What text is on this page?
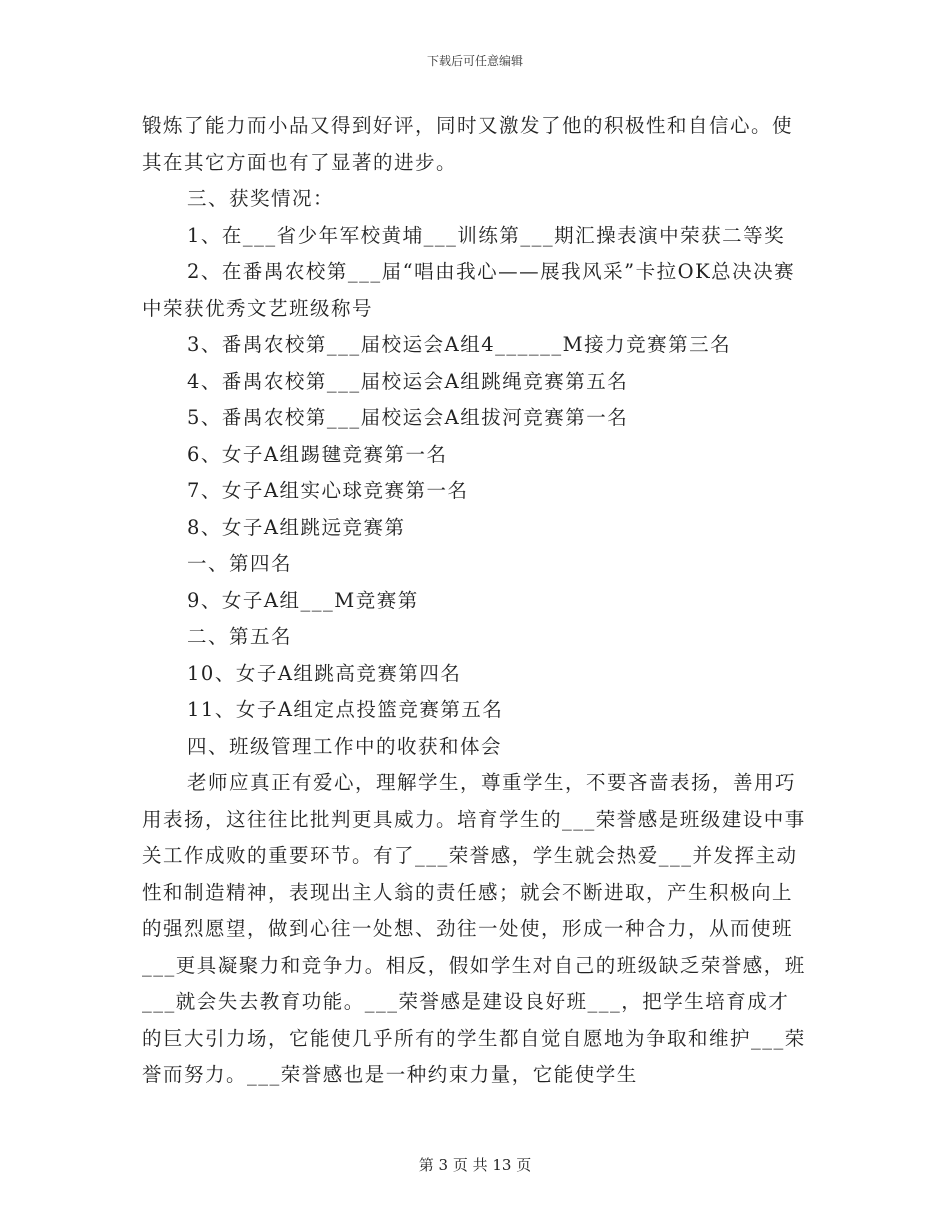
下载后可任意编辑

锻炼了能力而小品又得到好评，同时又激发了他的积极性和自信心。使其在其它方面也有了显著的进步。

三、获奖情况：

1、在___省少年军校黄埔___训练第___期汇操表演中荣获二等奖

2、在番禺农校第___届“唱由我心——展我风采”卡拉OK总决决赛中荣获优秀文艺班级称号

3、番禺农校第___届校运会A组4______M接力竞赛第三名

4、番禺农校第___届校运会A组跳绳竞赛第五名

5、番禺农校第___届校运会A组拔河竞赛第一名

6、女子A组踢毽竞赛第一名

7、女子A组实心球竞赛第一名

8、女子A组跳远竞赛第

一、第四名

9、女子A组___M竞赛第

二、第五名

10、女子A组跳高竞赛第四名

11、女子A组定点投篮竞赛第五名

四、班级管理工作中的收获和体会

老师应真正有爱心，理解学生，尊重学生，不要吝啬表扬，善用巧用表扬，这往往比批判更具威力。培育学生的___荣誉感是班级建设中事关工作成败的重要环节。有了___荣誉感，学生就会热爱___并发挥主动性和制造精神，表现出主人翁的责任感；就会不断进取，产生积极向上的强烈愿望，做到心往一处想、劲往一处使，形成一种合力，从而使班___更具凝聚力和竞争力。相反，假如学生对自己的班级缺乏荣誉感，班___就会失去教育功能。___荣誉感是建设良好班___，把学生培育成才的巨大引力场，它能使几乎所有的学生都自觉自愿地为争取和维护___荣誉而努力。___荣誉感也是一种约束力量，它能使学生

第 3 页 共 13 页
